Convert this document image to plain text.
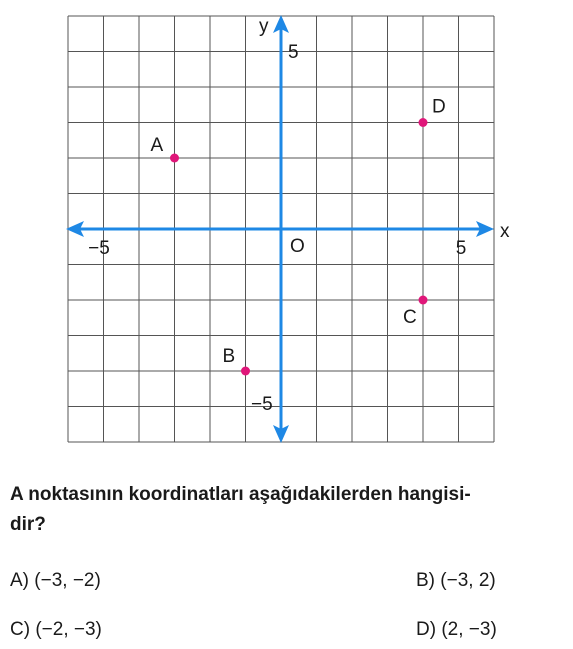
x
y
O
−5	5
5
−5
A
B
C
D
A noktasının koordinatları aşağıdakilerden hangisi-
dir?
A) (−3, −2)	B) (−3, 2)
C) (−2, −3)	D) (2, −3)
